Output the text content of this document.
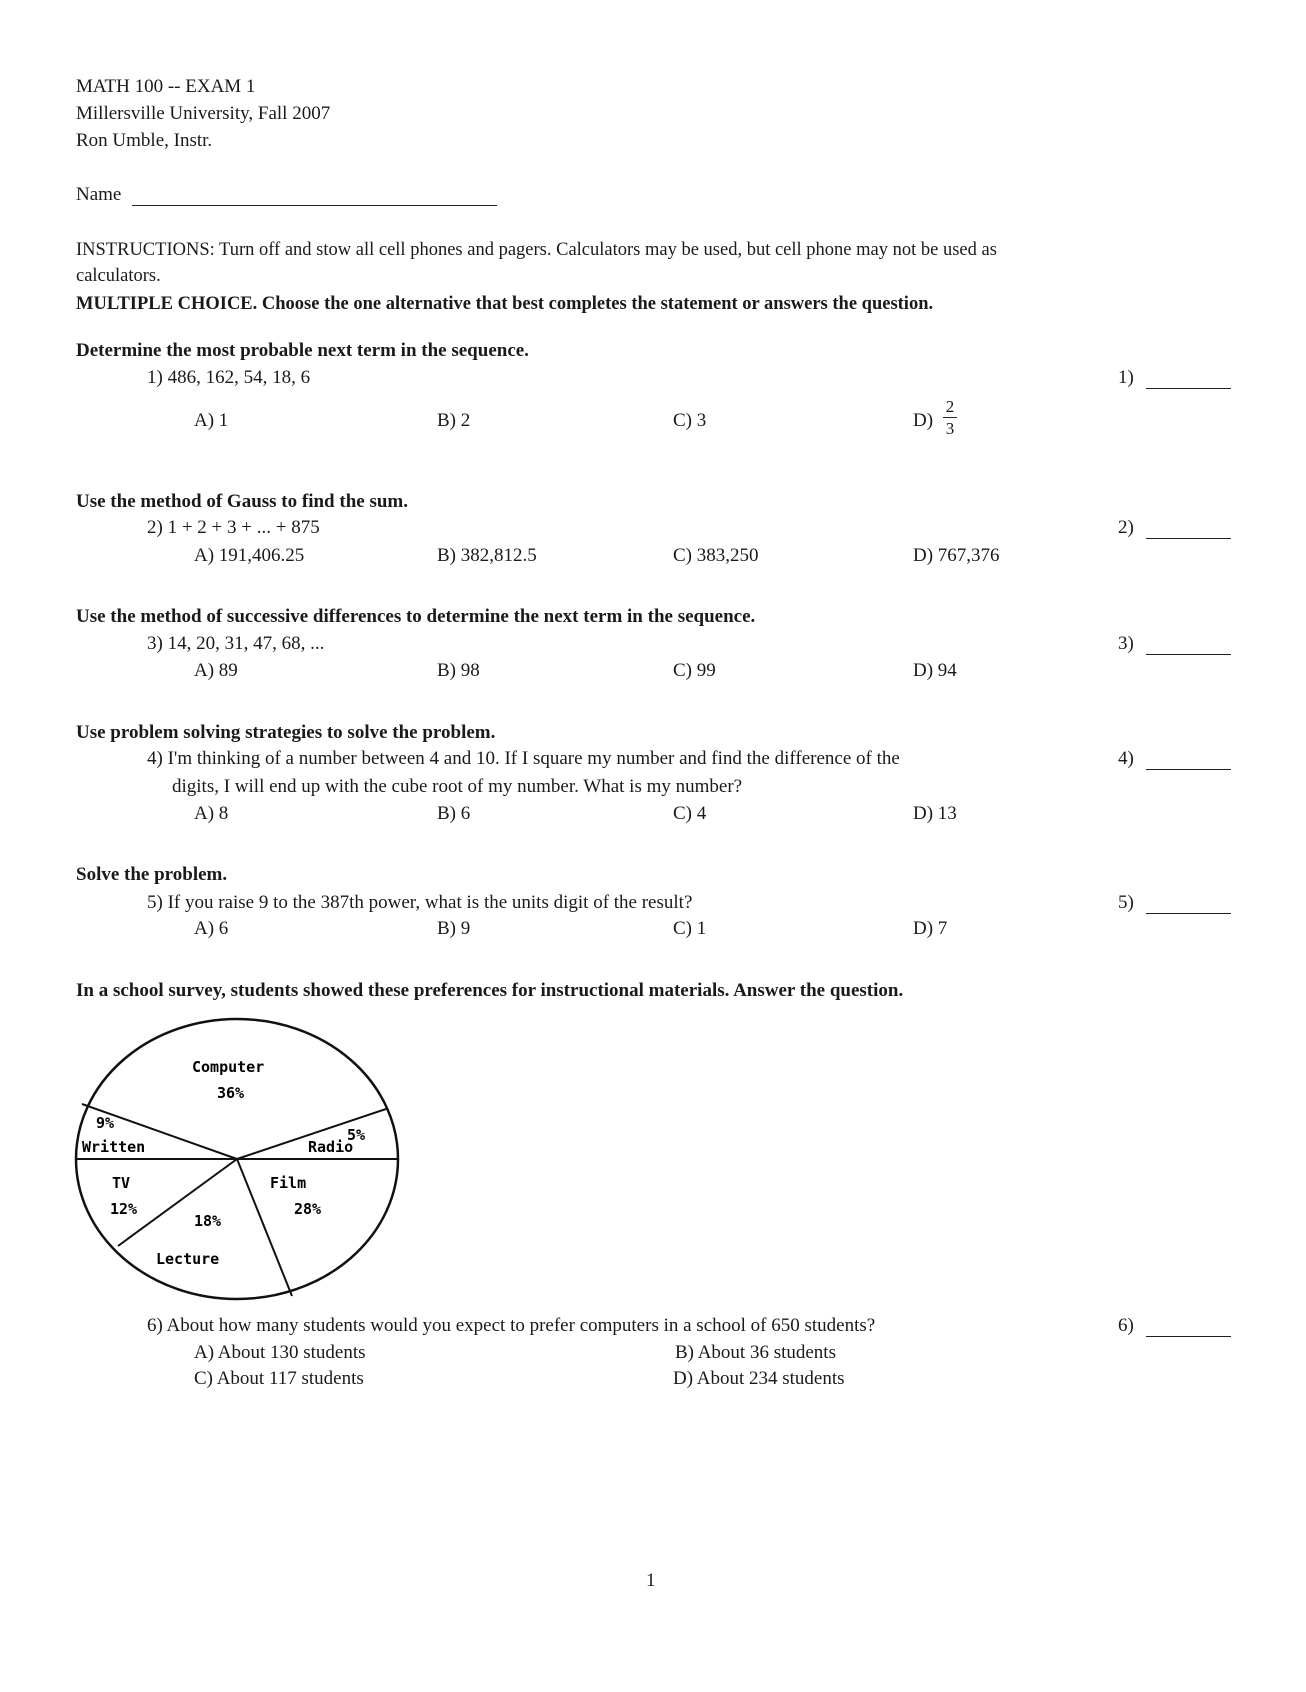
MATH 100 -- EXAM 1
Millersville University, Fall 2007
Ron Umble, Instr.
Name
INSTRUCTIONS: Turn off and stow all cell phones and pagers. Calculators may be used, but cell phone may not be used as
calculators.
MULTIPLE CHOICE. Choose the one alternative that best completes the statement or answers the question.
Determine the most probable next term in the sequence.
1) 486, 162, 54, 18, 6	1)
A) 1	B) 2	C) 3	D)
2
3
Use the method of Gauss to find the sum.
2) 1 + 2 + 3 + ... + 875	2)
A) 191,406.25	B) 382,812.5	C) 383,250	D) 767,376
Use the method of successive differences to determine the next term in the sequence.
3) 14, 20, 31, 47, 68, ...	3)
A) 89	B) 98	C) 99	D) 94
Use problem solving strategies to solve the problem.
4) I'm thinking of a number between 4 and 10. If I square my number and find the difference of the
digits, I will end up with the cube root of my number. What is my number?
4)
A) 8	B) 6	C) 4	D) 13
Solve the problem.
5) If you raise 9 to the 387th power, what is the units digit of the result?	5)
A) 6	B) 9	C) 1	D) 7
In a school survey, students showed these preferences for instructional materials. Answer the question.
Computer
36%
5%
Radio
Film
28%
18%
Lecture
TV
12%
9%
Written
6) About how many students would you expect to prefer computers in a school of 650 students?	6)
A) About 130 students	B) About 36 students
C) About 117 students	D) About 234 students
1
